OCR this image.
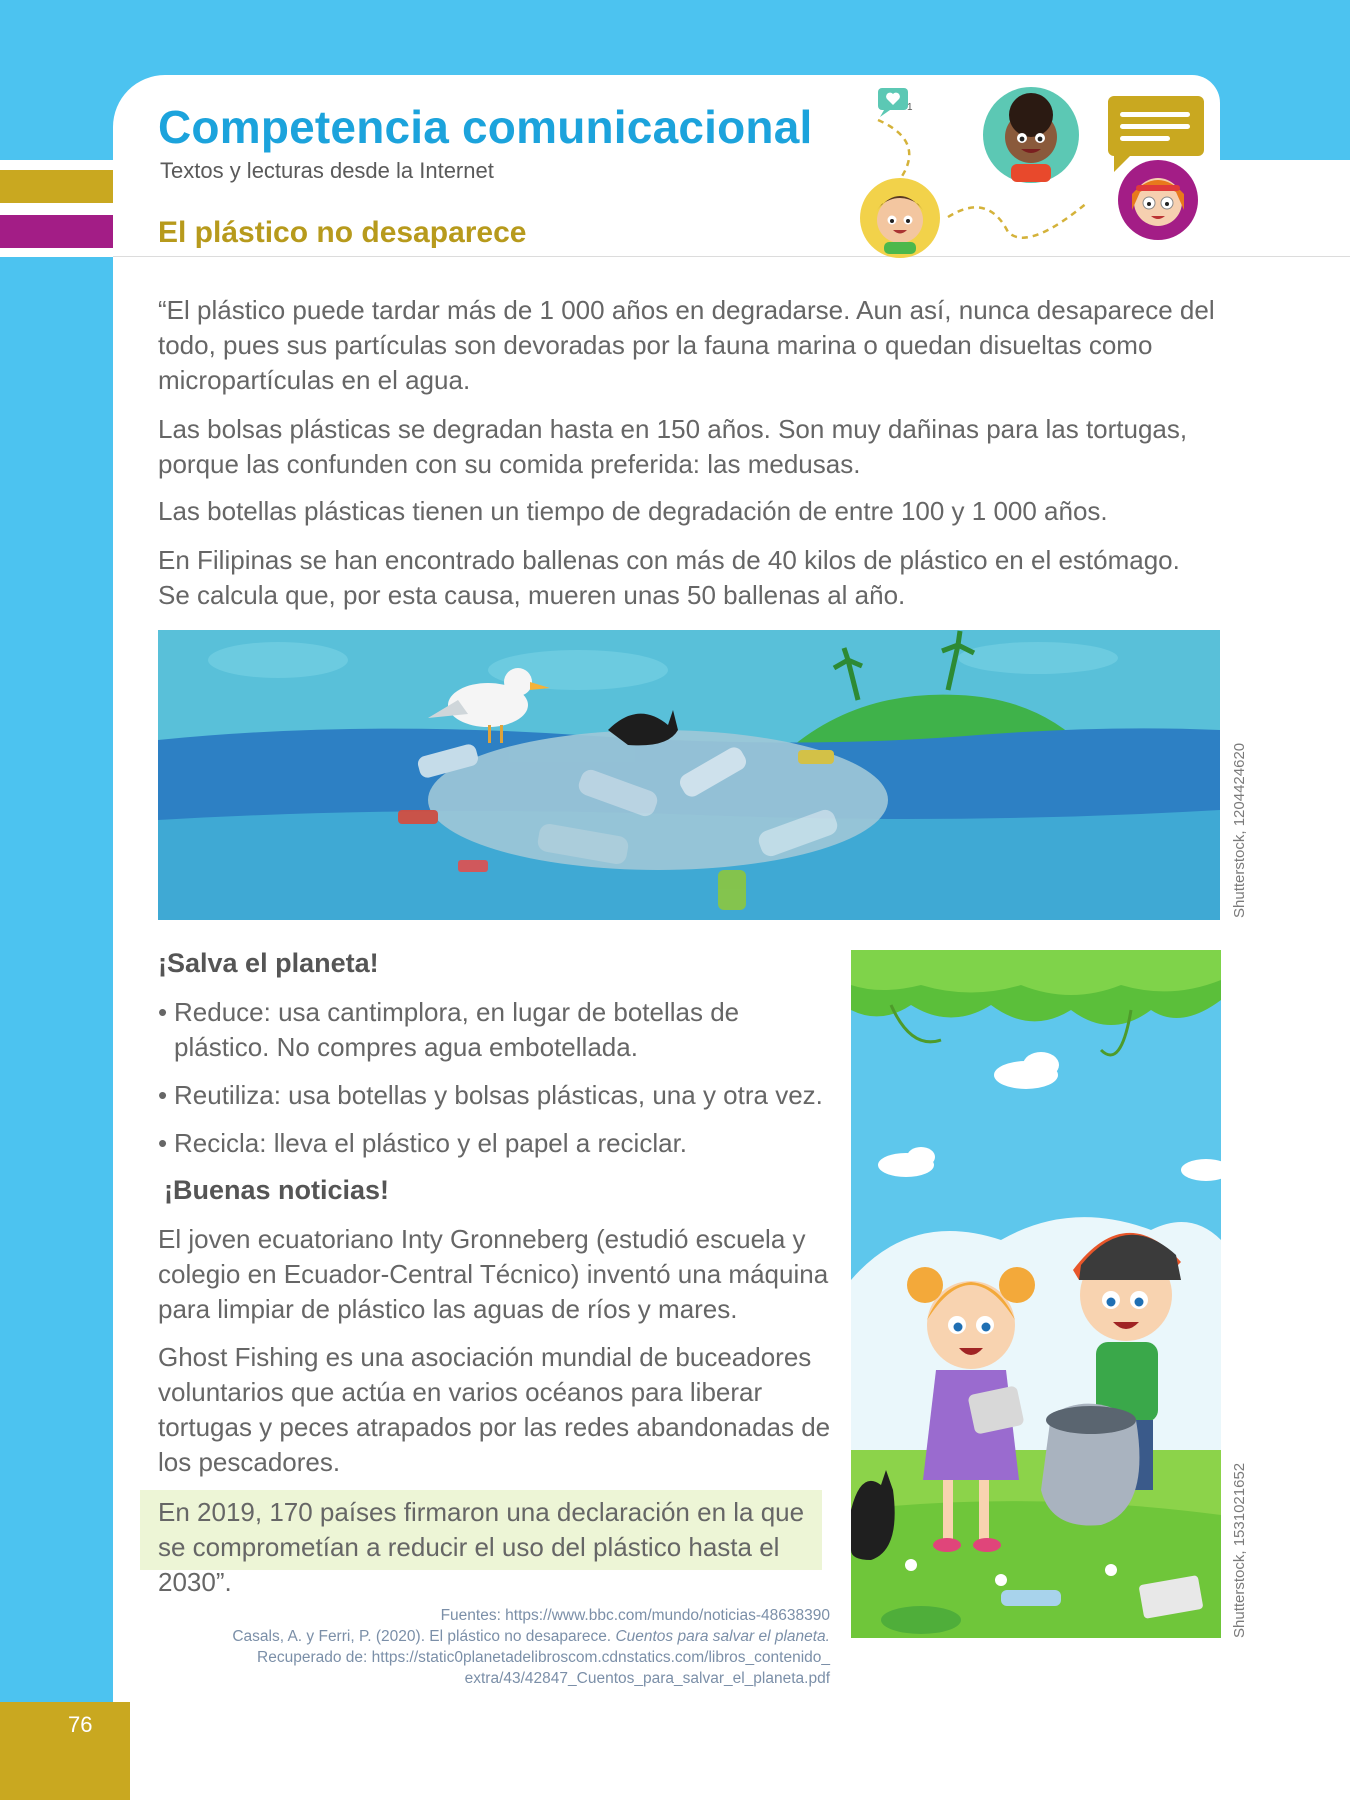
76
Competencia comunicacional
Textos y lecturas desde la Internet
El plástico no desaparece
1
“El plástico puede tardar más de 1 000 años en degradarse. Aun así, nunca desaparece del todo, pues sus partículas son devoradas por la fauna marina o quedan disueltas como micropartículas en el agua.
Las bolsas plásticas se degradan hasta en 150 años. Son muy dañinas para las tortugas, porque las confunden con su comida preferida: las medusas.
Las botellas plásticas tienen un tiempo de degradación de entre 100 y 1 000 años.
En Filipinas se han encontrado ballenas con más de 40 kilos de plástico en el estómago. Se calcula que, por esta causa, mueren unas 50 ballenas al año.
Shutterstock, 1204424620
¡Salva el planeta!
• Reduce: usa cantimplora, en lugar de botellas de plástico. No compres agua embotellada.
• Reutiliza: usa botellas y bolsas plásticas, una y otra vez.
• Recicla: lleva el plástico y el papel a reciclar.
¡Buenas noticias!
El joven ecuatoriano Inty Gronneberg (estudió escuela y colegio en Ecuador-Central Técnico) inventó una máquina para limpiar de plástico las aguas de ríos y mares.
Ghost Fishing es una asociación mundial de buceadores voluntarios que actúa en varios océanos para liberar tortugas y peces atrapados por las redes abandonadas de los pescadores.
En 2019, 170 países firmaron una declaración en la que se comprometían a reducir el uso del plástico hasta el 2030”.
Fuentes: https://www.bbc.com/mundo/noticias-48638390
Casals, A. y Ferri, P. (2020). El plástico no desaparece. Cuentos para salvar el planeta.
Recuperado de: https://static0planetadelibroscom.cdnstatics.com/libros_contenido_
extra/43/42847_Cuentos_para_salvar_el_planeta.pdf
Shutterstock, 1531021652
